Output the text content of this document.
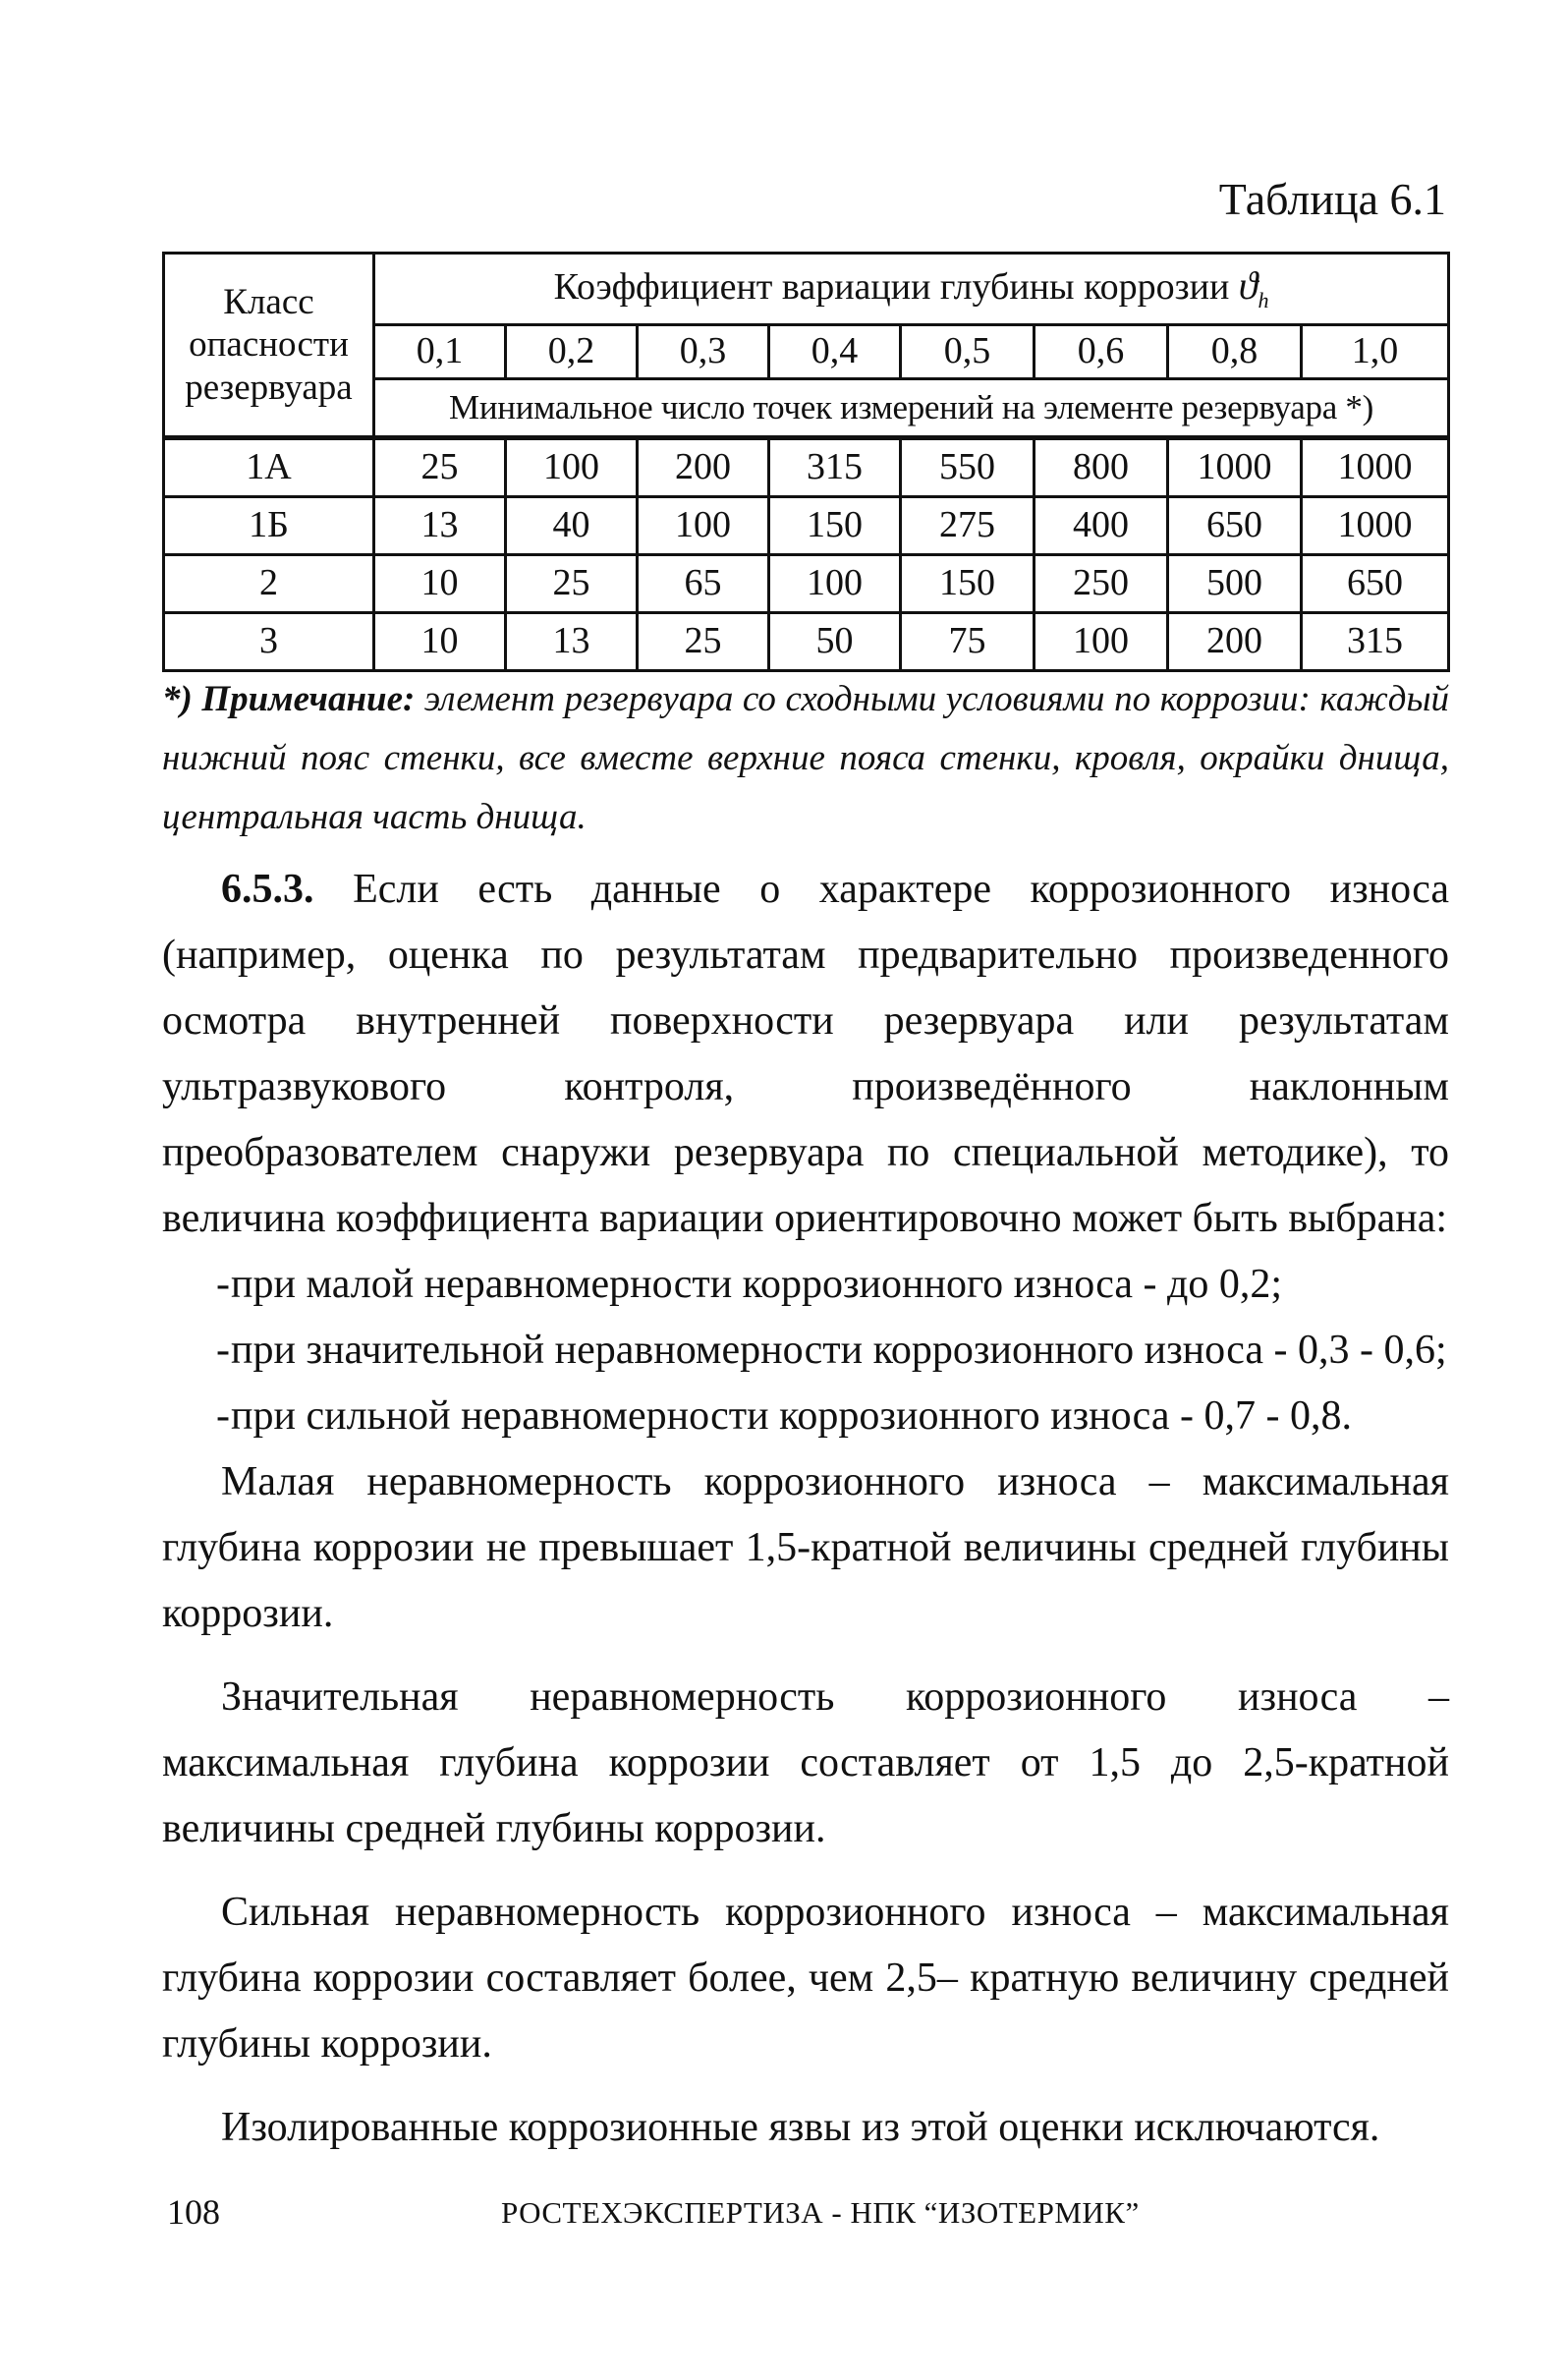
Таблица 6.1
Класс
опасности
резервуара	Коэффициент вариации глубины коррозии $ϑ_h$
	0,1	0,2	0,3	0,4	0,5	0,6	0,8	1,0
	Минимальное число точек измерений на элементе резервуара *)							
1А	25	100	200	315	550	800	1000	1000
1Б	13	40	100	150	275	400	650	1000
2	10	25	65	100	150	250	500	650
3	10	13	25	50	75	100	200	315
*) Примечание: элемент резервуара со сходными условиями по коррозии: каждый нижний пояс стенки, все вместе верхние пояса стенки, кровля, окрайки днища, центральная часть днища.

6.5.3. Если есть данные о характере коррозионного износа (например, оценка по результатам предварительно произведенного осмотра внутренней поверхности резервуара или результатам ультразвукового контроля, произведённого наклонным преобразователем снаружи резервуара по специальной методике), то величина коэффициента вариации ориентировочно может быть выбрана:

- при малой неравномерности коррозионного износа - до 0,2;
- при значительной неравномерности коррозионного износа - 0,3 - 0,6;
- при сильной неравномерности коррозионного износа - 0,7 - 0,8.

Малая неравномерность коррозионного износа – максимальная глубина коррозии не превышает 1,5-кратной величины средней глубины коррозии.

Значительная неравномерность коррозионного износа – максимальная глубина коррозии составляет от 1,5 до 2,5-кратной величины средней глубины коррозии.

Сильная неравномерность коррозионного износа – максимальная глубина коррозии составляет более, чем 2,5– кратную величину средней глубины коррозии.

Изолированные коррозионные язвы из этой оценки исключаются.

108	РОСТЕХЭКСПЕРТИЗА - НПК “ИЗОТЕРМИК”
